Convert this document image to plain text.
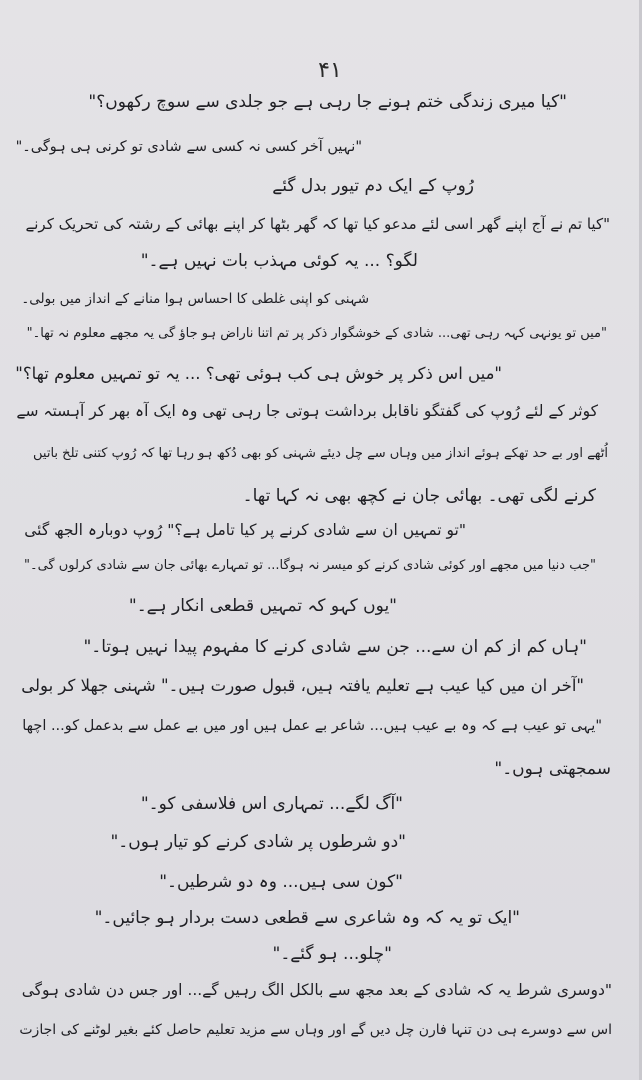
۴۱
"کیا میری زندگی ختم ہونے جا رہی ہے جو جلدی سے سوچ رکھوں؟"
"نہیں آخر کسی نہ کسی سے شادی تو کرنی ہی ہوگی۔"
رُوپ کے ایک دم تیور بدل گئے
"کیا تم نے آج اپنے گھر اسی لئے مدعو کیا تھا کہ گھر بٹھا کر اپنے بھائی کے رشتہ کی تحریک کرنے
لگو؟ ... یہ کوئی مہذب بات نہیں ہے۔"
شہنی کو اپنی غلطی کا احساس ہوا منانے کے انداز میں بولی۔
"میں تو یونہی کہہ رہی تھی... شادی کے خوشگوار ذکر پر تم اتنا ناراض ہو جاؤ گی یہ مجھے معلوم نہ تھا۔"
"میں اس ذکر پر خوش ہی کب ہوئی تھی؟ ... یہ تو تمہیں معلوم تھا؟"
کوثر کے لئے رُوپ کی گفتگو ناقابل برداشت ہوتی جا رہی تھی وہ ایک آہ بھر کر آہستہ سے
اُٹھے اور بے حد تھکے ہوئے انداز میں وہاں سے چل دیئے شہنی کو بھی دُکھ ہو رہا تھا کہ رُوپ کتنی تلخ باتیں
کرنے لگی تھی۔ بھائی جان نے کچھ بھی نہ کہا تھا۔
"تو تمہیں ان سے شادی کرنے پر کیا تامل ہے؟" رُوپ دوبارہ الجھ گئی
"جب دنیا میں مجھے اور کوئی شادی کرنے کو میسر نہ ہوگا... تو تمہارے بھائی جان سے شادی کرلوں گی۔"
"یوں کہو کہ تمہیں قطعی انکار ہے۔"
"ہاں کم از کم ان سے... جن سے شادی کرنے کا مفہوم پیدا نہیں ہوتا۔"
"آخر ان میں کیا عیب ہے تعلیم یافتہ ہیں، قبول صورت ہیں۔" شہنی جھلا کر بولی
"یہی تو عیب ہے کہ وہ بے عیب ہیں... شاعر بے عمل ہیں اور میں بے عمل سے بدعمل کو... اچھا
سمجھتی ہوں۔"
"آگ لگے... تمہاری اس فلاسفی کو۔"
"دو شرطوں پر شادی کرنے کو تیار ہوں۔"
"کون سی ہیں... وہ دو شرطیں۔"
"ایک تو یہ کہ وہ شاعری سے قطعی دست بردار ہو جائیں۔"
"چلو... ہو گئے۔"
"دوسری شرط یہ کہ شادی کے بعد مجھ سے بالکل الگ رہیں گے... اور جس دن شادی ہوگی
اس سے دوسرے ہی دن تنہا فارن چل دیں گے اور وہاں سے مزید تعلیم حاصل کئے بغیر لوٹنے کی اجازت
